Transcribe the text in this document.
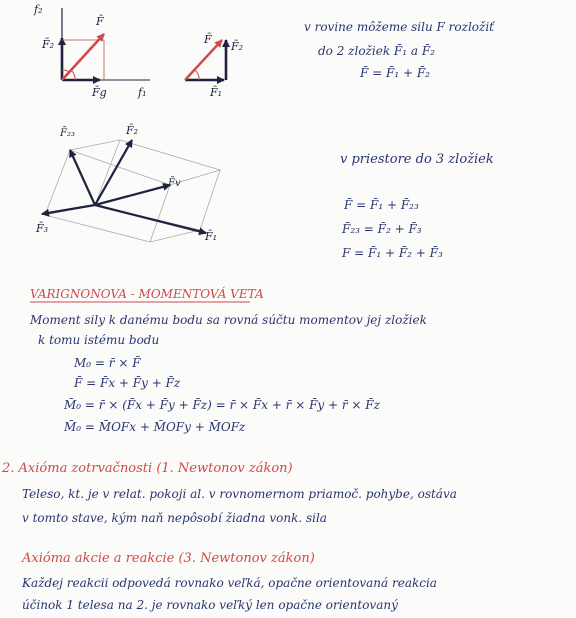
f₂
F̄₂
F̄
F̄g	f₁
F̄
F̄₂
F̄₁
F̄₂₃	F̄₂
F̄₃
F̄v
F̄₁
v rovine môžeme silu F rozložiť
do 2 zložiek F̄₁ a F̄₂
F̄ = F̄₁ + F̄₂
v priestore do 3 zložiek
F̄ = F̄₁ + F̄₂₃
F̄₂₃ = F̄₂ + F̄₃
F = F̄₁ + F̄₂ + F̄₃
VARIGNONOVA - MOMENTOVÁ VETA
Moment sily k danému bodu sa rovná súčtu momentov jej zložiek
k tomu istému bodu
M₀ = r̄ × F̄
F̄ = F̄x + F̄y + F̄z
M̄₀ = r̄ × (F̄x + F̄y + F̄z) = r̄ × F̄x + r̄ × F̄y + r̄ × F̄z
M̄₀ = M̄OFx + M̄OFy + M̄OFz
2. Axióma zotrvačnosti (1. Newtonov zákon)
Teleso, kt. je v relat. pokoji al. v rovnomernom priamoč. pohybe, ostáva
v tomto stave, kým naň nepôsobí žiadna vonk. sila
Axióma akcie a reakcie (3. Newtonov zákon)
Každej reakcii odpovedá rovnako veľká, opačne orientovaná reakcia
účinok 1 telesa na 2. je rovnako veľký len opačne orientovaný
